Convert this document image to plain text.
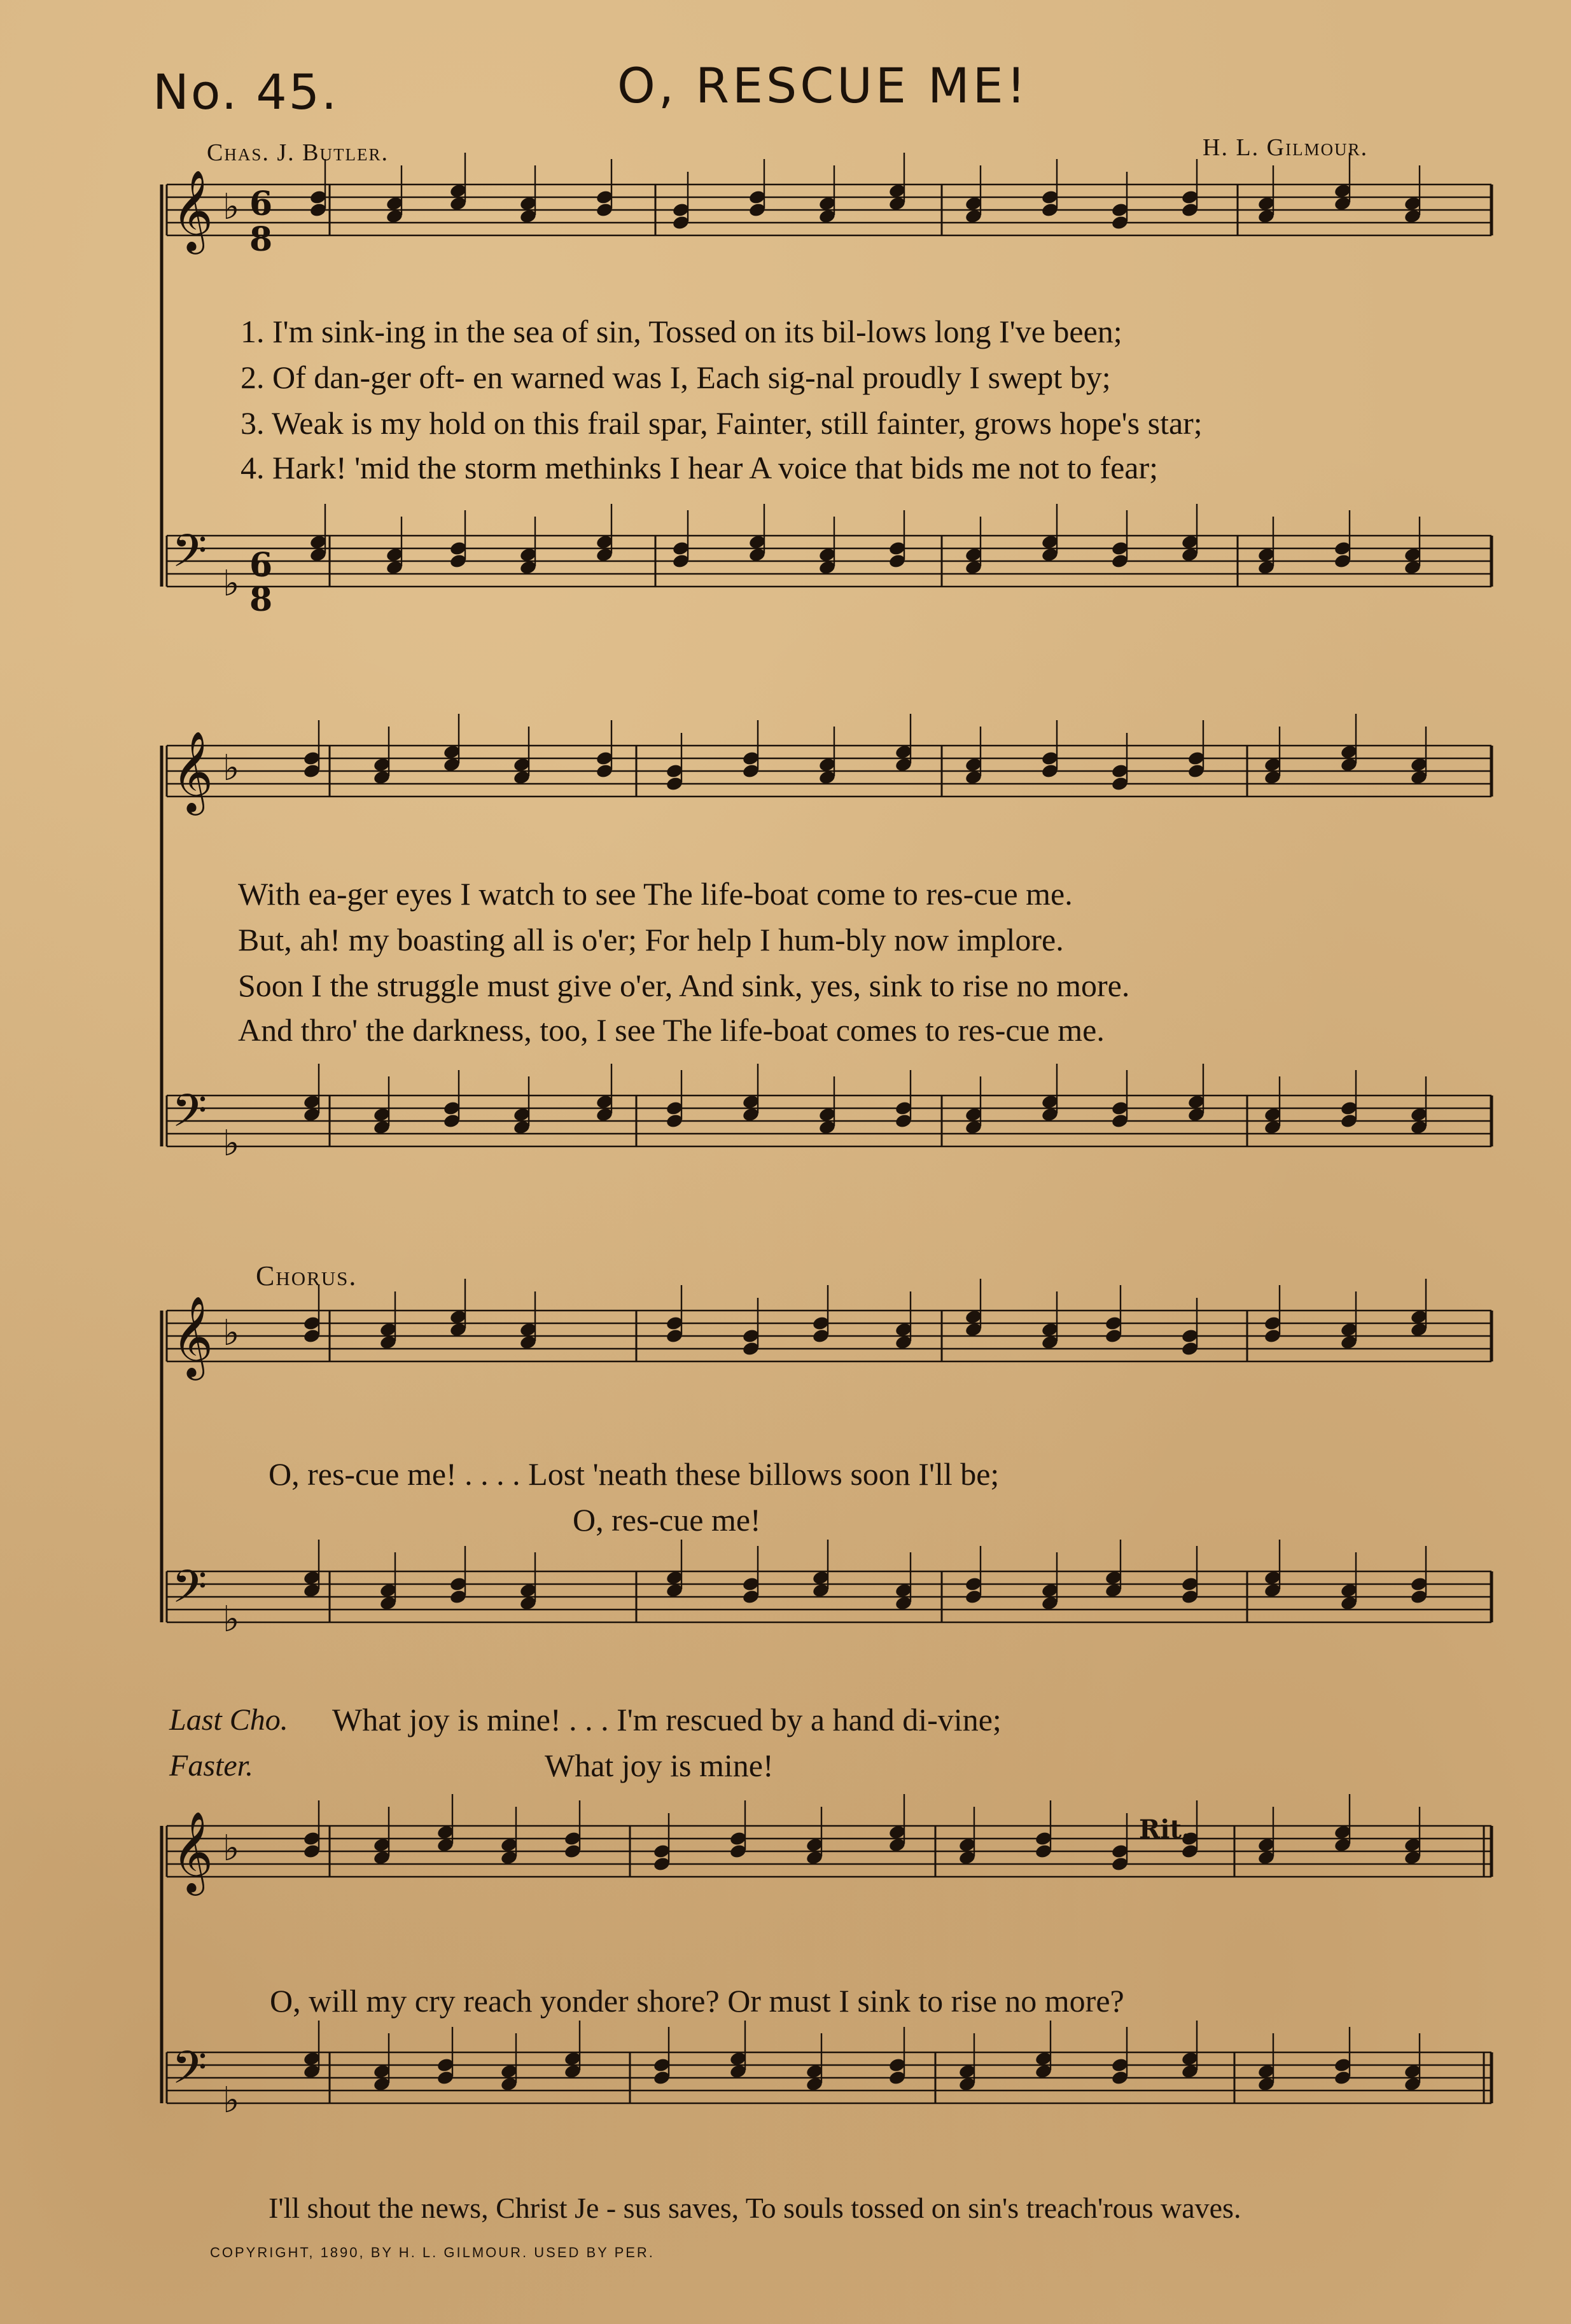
No. 45.	O, RESCUE ME!
Chas. J. Butler.	H. L. Gilmour.
𝄞 ♭
𝄢 ♭
𝄞 ♭
𝄢 ♭
𝄞 ♭
𝄢 ♭
𝄞 ♭
𝄢 ♭
6
8
6
8
1. I'm sink-ing in the sea of sin, Tossed on its bil-lows long I've been;
2. Of dan-ger oft- en warned was I, Each sig-nal proudly I swept by;
3. Weak is my hold on this frail spar, Fainter, still fainter, grows hope's star;
4. Hark! 'mid the storm methinks I hear A voice that bids me not to fear;
With ea-ger eyes I watch to see The life-boat come to res-cue me.
But, ah! my boasting all is o'er; For help I hum-bly now implore.
Soon I the struggle must give o'er, And sink, yes, sink to rise no more.
And thro' the darkness, too, I see The life-boat comes to res-cue me.
Chorus.
O, res-cue me! . . . . Lost 'neath these billows soon I'll be;
O, res-cue me!
Last Cho. What joy is mine! . . . I'm rescued by a hand di-vine;
Faster.	What joy is mine!
Rit.
O, will my cry reach yonder shore? Or must I sink to rise no more?
I'll shout the news, Christ Je - sus saves, To souls tossed on sin's treach'rous waves.
COPYRIGHT, 1890, BY H. L. GILMOUR. USED BY PER.
